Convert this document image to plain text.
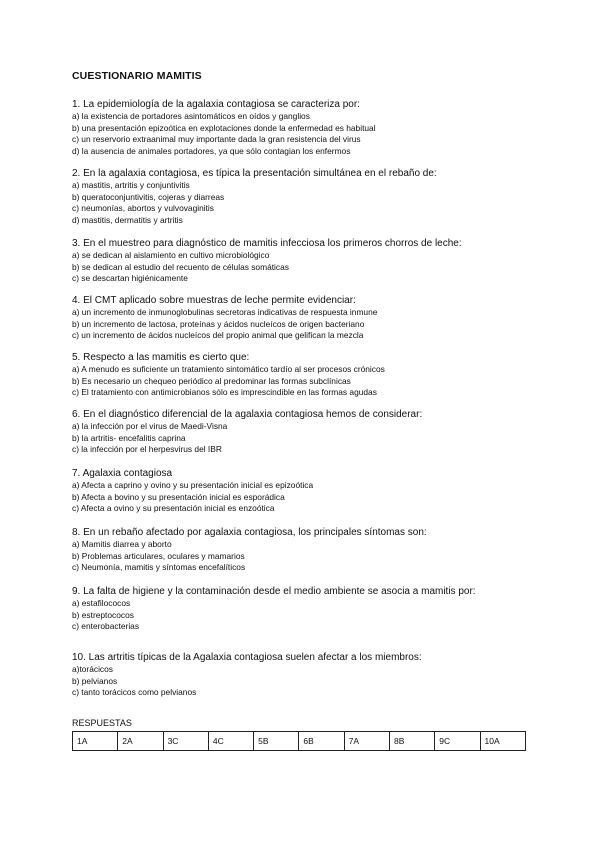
CUESTIONARIO MAMITIS
1. La epidemiología de la agalaxia contagiosa se caracteriza por:
a) la existencia de portadores asintomáticos en oídos y ganglios
b) una presentación epizoótica en explotaciones donde la enfermedad es habitual
c) un reservorio extraanimal muy importante dada la gran resistencia del virus
d) la ausencia de animales portadores, ya que sólo contagian los enfermos
2. En la agalaxia contagiosa, es típica la presentación simultánea en el rebaño de:
a) mastitis, artritis y conjuntivitis
b) queratoconjuntivitis, cojeras y diarreas
c) neumonías, abortos y vulvovaginitis
d) mastitis, dermatitis y artritis
3. En el muestreo para diagnóstico de mamitis infecciosa los primeros chorros de leche:
a) se dedican al aislamiento en cultivo microbiológico
b) se dedican al estudio del recuento de células somáticas
c) se descartan higiénicamente
4. El CMT aplicado sobre muestras de leche permite evidenciar:
a) un incremento de inmunoglobulinas secretoras indicativas de respuesta inmune
b) un incremento de lactosa, proteínas y ácidos nucleícos de origen bacteriano
c) un incremento de ácidos nucleícos del propio animal que gelifican la mezcla
5. Respecto a las mamitis es cierto que:
a) A menudo es suficiente un tratamiento sintomático tardío al ser procesos crónicos
b) Es necesario un chequeo periódico al predominar las formas subclínicas
c) El tratamiento con antimicrobianos sólo es imprescindible en las formas agudas
6. En el diagnóstico diferencial de la agalaxia contagiosa hemos de considerar:
a) la infección por el virus de Maedi-Visna
b) la artritis- encefalitis caprina
c) la infección por el herpesvirus del IBR
7. Agalaxia contagiosa
a) Afecta a caprino y ovino y su presentación inicial es epizoótica
b) Afecta a bovino y su presentación inicial es esporádica
c) Afecta a ovino y su presentación inicial es enzoótica
8. En un rebaño afectado por agalaxia contagiosa, los principales síntomas son:
a) Mamitis diarrea y aborto
b) Problemas articulares, oculares y mamarios
c) Neumonía, mamitis y síntomas encefalíticos
9. La falta de higiene y la contaminación desde el medio ambiente se asocia a mamitis por:
a) estafilococos
b) estreptococos
c) enterobacterias
10. Las artritis típicas de la Agalaxia contagiosa suelen afectar a los miembros:
a)torácicos
b) pelvianos
c) tanto torácicos como pelvianos
RESPUESTAS
1A	2A	3C	4C	5B	6B	7A	8B	9C	10A
